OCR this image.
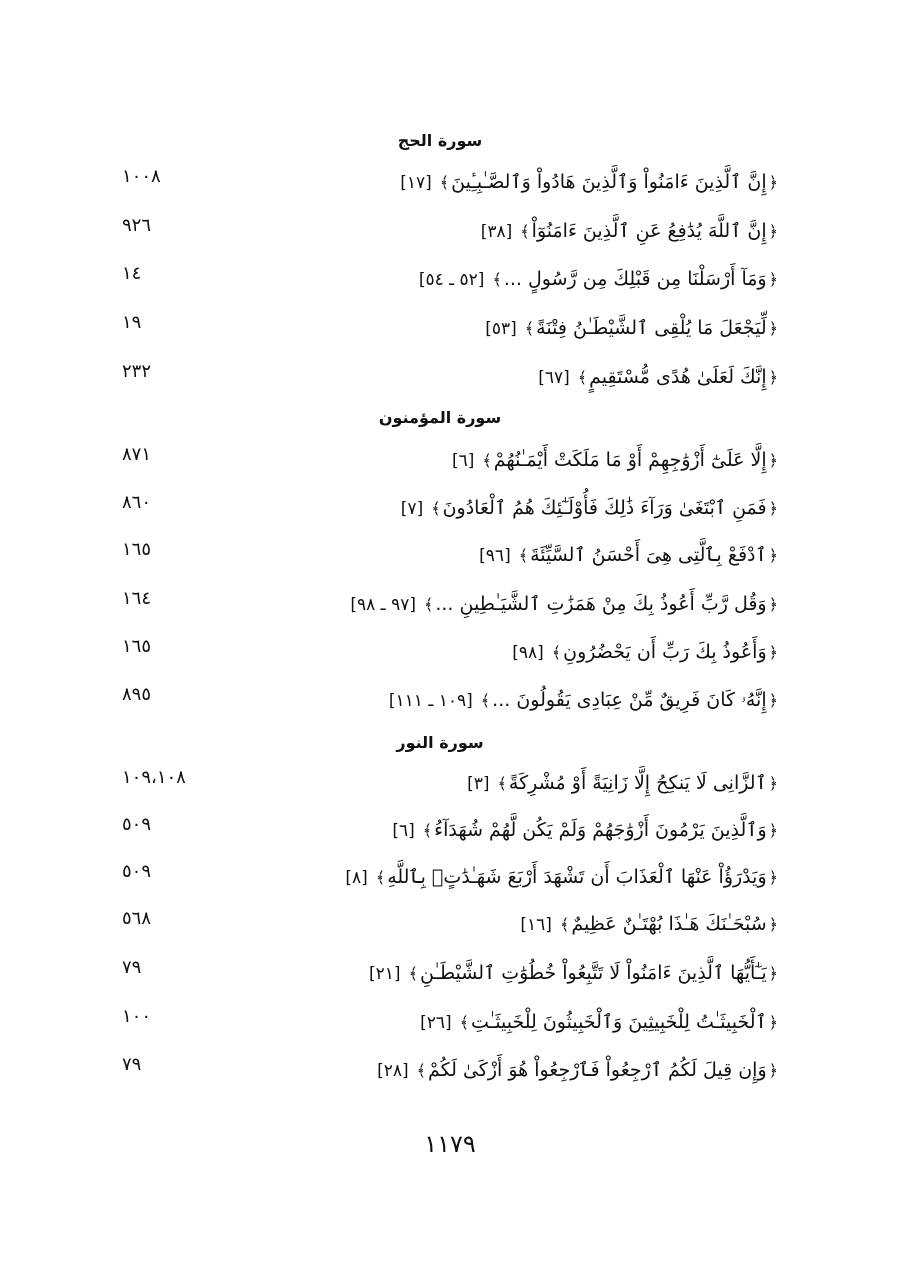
سورة الحج
﴿إِنَّ ٱلَّذِينَ ءَامَنُواْ وَٱلَّذِينَ هَادُواْ وَٱلصَّـٰبِـِٔينَ﴾[١٧]
١٠٠٨
﴿إِنَّ ٱللَّهَ يُدَٰفِعُ عَنِ ٱلَّذِينَ ءَامَنُوٓاْ﴾[٣٨]
٩٢٦
﴿وَمَآ أَرْسَلْنَا مِن قَبْلِكَ مِن رَّسُولٍ ...﴾[٥٢ ـ ٥٤]
١٤
﴿لِّيَجْعَلَ مَا يُلْقِى ٱلشَّيْطَـٰنُ فِتْنَةً﴾[٥٣]
١٩
﴿إِنَّكَ لَعَلَىٰ هُدًى مُّسْتَقِيمٍ﴾[٦٧]
٢٣٢
سورة المؤمنون
﴿إِلَّا عَلَىٰٓ أَزْوَٰجِهِمْ أَوْ مَا مَلَكَتْ أَيْمَـٰنُهُمْ﴾[٦]
٨٧١
﴿فَمَنِ ٱبْتَغَىٰ وَرَآءَ ذَٰلِكَ فَأُوْلَـٰٓئِكَ هُمُ ٱلْعَادُونَ﴾[٧]
٨٦٠
﴿ٱدْفَعْ بِٱلَّتِى هِىَ أَحْسَنُ ٱلسَّيِّئَةَ﴾[٩٦]
١٦٥
﴿وَقُل رَّبِّ أَعُوذُ بِكَ مِنْ هَمَزَٰتِ ٱلشَّيَـٰطِينِ ...﴾[٩٧ ـ ٩٨]
١٦٤
﴿وَأَعُوذُ بِكَ رَبِّ أَن يَحْضُرُونِ﴾[٩٨]
١٦٥
﴿إِنَّهُۥ كَانَ فَرِيقٌ مِّنْ عِبَادِى يَقُولُونَ ...﴾[١٠٩ ـ ١١١]
٨٩٥
سورة النور
﴿ٱلزَّانِى لَا يَنكِحُ إِلَّا زَانِيَةً أَوْ مُشْرِكَةً﴾[٣]
١٠٩،١٠٨
﴿وَٱلَّذِينَ يَرْمُونَ أَزْوَٰجَهُمْ وَلَمْ يَكُن لَّهُمْ شُهَدَآءُ﴾[٦]
٥٠٩
﴿وَيَدْرَؤُاْ عَنْهَا ٱلْعَذَابَ أَن تَشْهَدَ أَرْبَعَ شَهَـٰدَٰتٍۭ بِٱللَّهِ﴾[٨]
٥٠٩
﴿سُبْحَـٰنَكَ هَـٰذَا بُهْتَـٰنٌ عَظِيمٌ﴾[١٦]
٥٦٨
﴿يَـٰٓأَيُّهَا ٱلَّذِينَ ءَامَنُواْ لَا تَتَّبِعُواْ خُطُوَٰتِ ٱلشَّيْطَـٰنِ﴾[٢١]
٧٩
﴿ٱلْخَبِيثَـٰتُ لِلْخَبِيثِينَ وَٱلْخَبِيثُونَ لِلْخَبِيثَـٰتِ﴾[٢٦]
١٠٠
﴿وَإِن قِيلَ لَكُمُ ٱرْجِعُواْ فَٱرْجِعُواْ هُوَ أَزْكَىٰ لَكُمْ﴾[٢٨]
٧٩
١١٧٩
